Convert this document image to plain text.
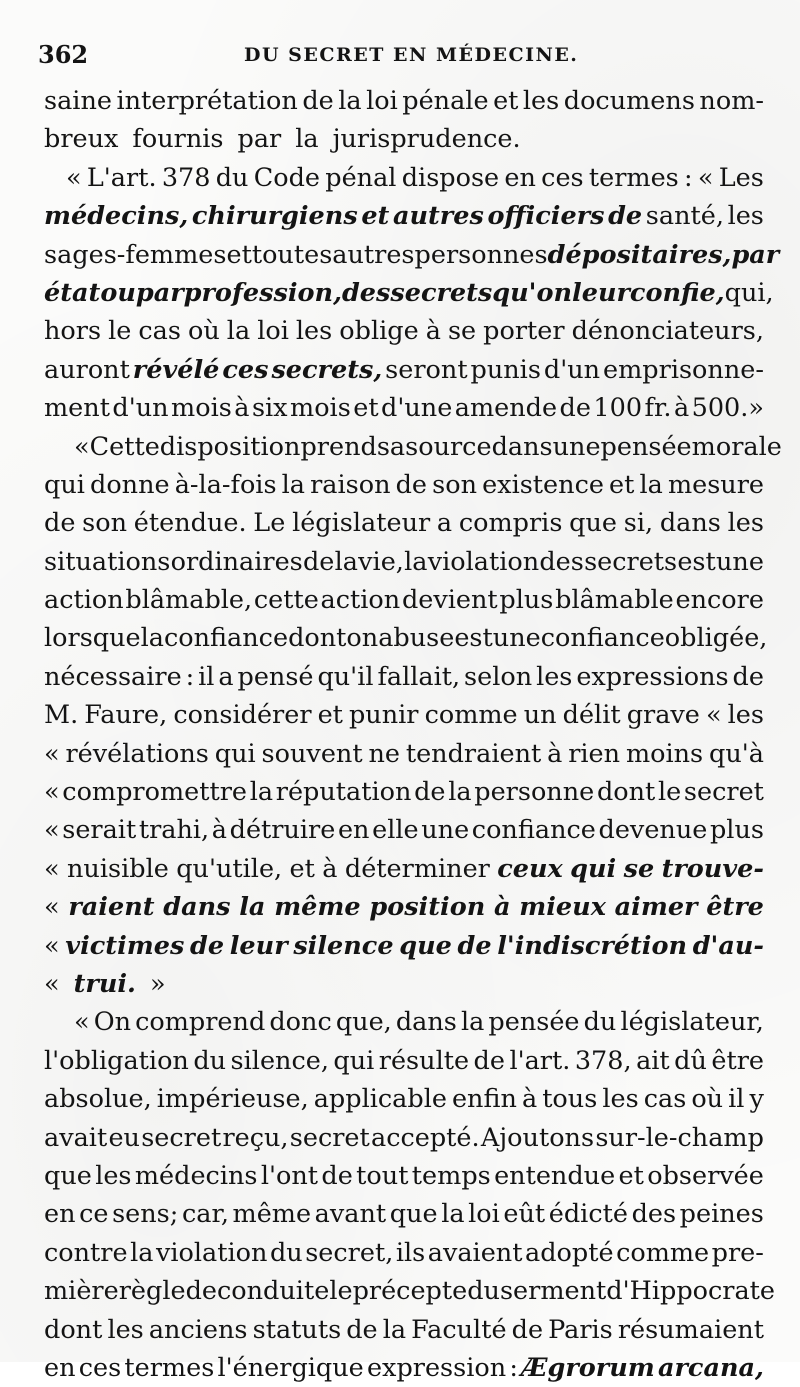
362	DU SECRET EN MÉDECINE.
saine interprétation de la loi pénale et les documens nom-
breux fournis par la jurisprudence.
« L'art. 378 du Code pénal dispose en ces termes : « Les
médecins, chirurgiens et autres officiers de santé, les
sages-femmes et toutes autres personnes dépositaires, par
état ou par profession, des secrets qu'on leur confie, qui,
hors le cas où la loi les oblige à se porter dénonciateurs,
auront révélé ces secrets, seront punis d'un emprisonne-
ment d'un mois à six mois et d'une amende de 100 fr. à 500.»
« Cette disposition prend sa source dans une pensée morale
qui donne à-la-fois la raison de son existence et la mesure
de son étendue. Le législateur a compris que si, dans les
situations ordinaires de la vie, la violation des secrets est une
action blâmable, cette action devient plus blâmable encore
lorsque la confiance dont on abuse est une confiance obligée,
nécessaire : il a pensé qu'il fallait, selon les expressions de
M. Faure, considérer et punir comme un délit grave « les
« révélations qui souvent ne tendraient à rien moins qu'à
« compromettre la réputation de la personne dont le secret
« serait trahi, à détruire en elle une confiance devenue plus
« nuisible qu'utile, et à déterminer ceux qui se trouve-
« raient dans la même position à mieux aimer être
« victimes de leur silence que de l'indiscrétion d'au-
« trui. »
« On comprend donc que, dans la pensée du législateur,
l'obligation du silence, qui résulte de l'art. 378, ait dû être
absolue, impérieuse, applicable enfin à tous les cas où il y
avait eu secret reçu, secret accepté. Ajoutons sur-le-champ
que les médecins l'ont de tout temps entendue et observée
en ce sens; car, même avant que la loi eût édicté des peines
contre la violation du secret, ils avaient adopté comme pre-
mière règle de conduite le précepte du serment d'Hippocrate
dont les anciens statuts de la Faculté de Paris résumaient
en ces termes l'énergique expression : Ægrorum arcana,
